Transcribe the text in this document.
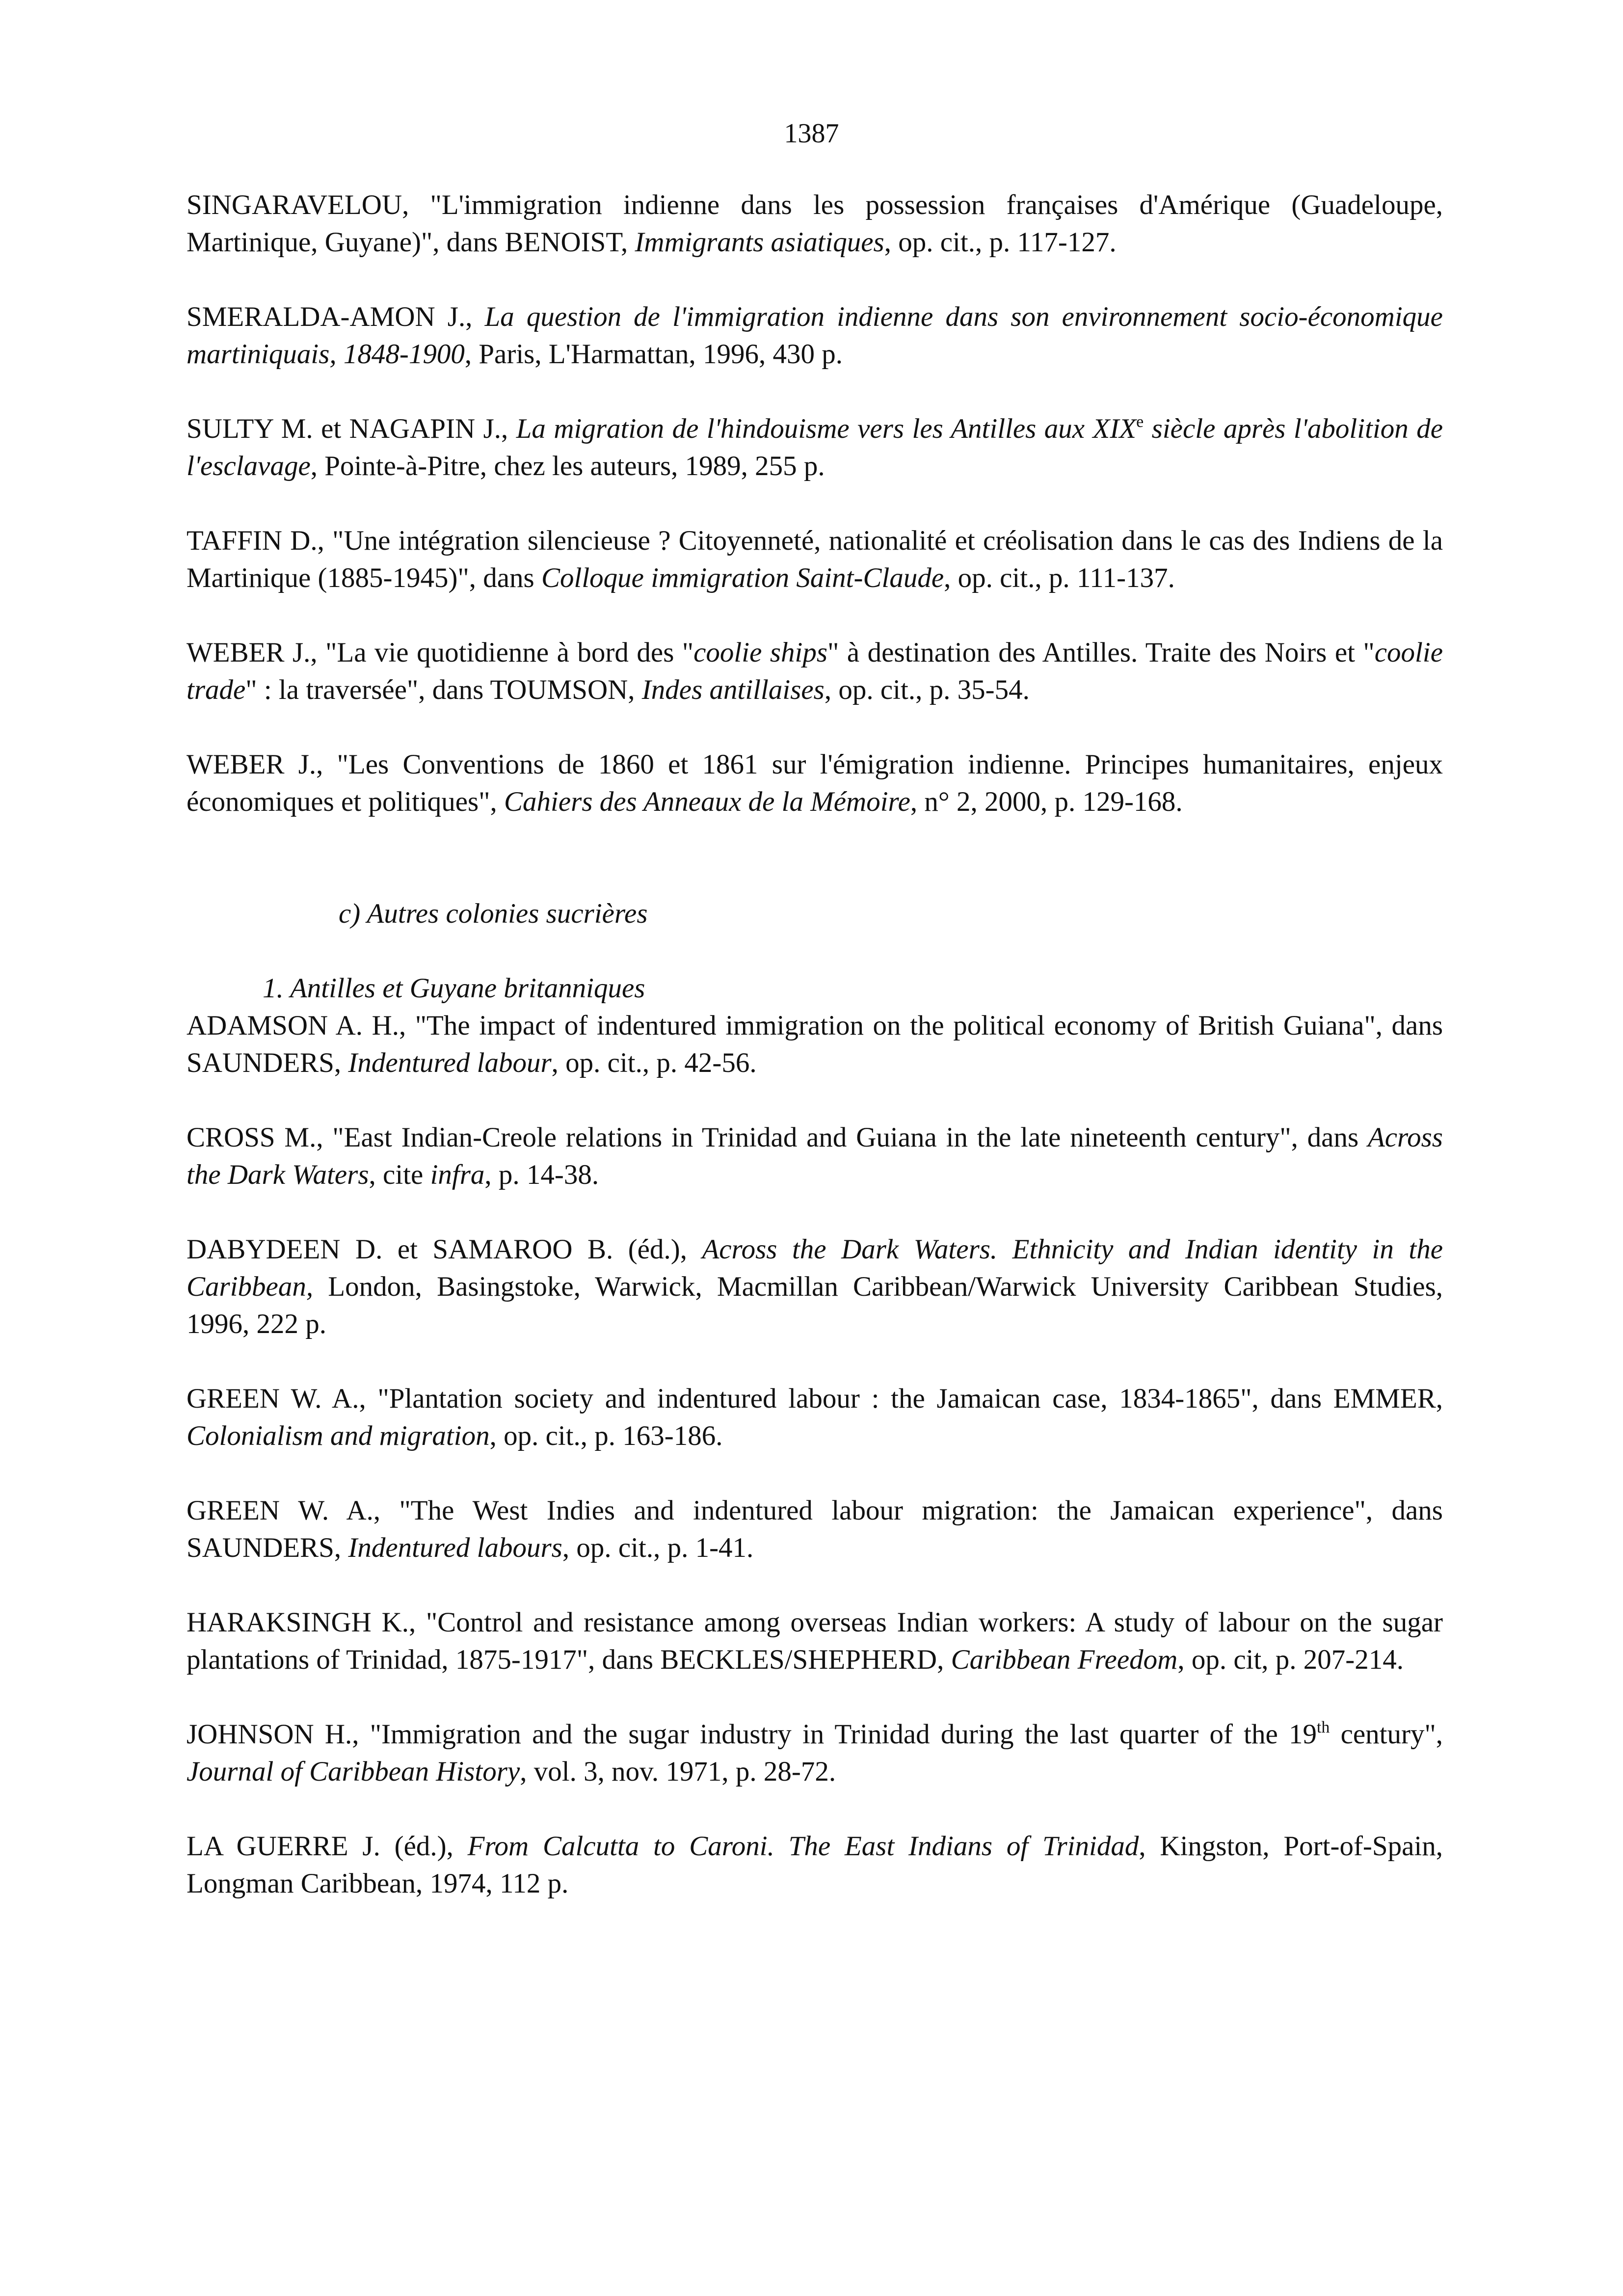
1387

SINGARAVELOU, "L'immigration indienne dans les possession françaises d'Amérique (Guadeloupe, Martinique, Guyane)", dans BENOIST, Immigrants asiatiques, op. cit., p. 117-127.

SMERALDA-AMON J., La question de l'immigration indienne dans son environnement socio-économique martiniquais, 1848-1900, Paris, L'Harmattan, 1996, 430 p.

SULTY M. et NAGAPIN J., La migration de l'hindouisme vers les Antilles aux XIXe siècle après l'abolition de l'esclavage, Pointe-à-Pitre, chez les auteurs, 1989, 255 p.

TAFFIN D., "Une intégration silencieuse ? Citoyenneté, nationalité et créolisation dans le cas des Indiens de la Martinique (1885-1945)", dans Colloque immigration Saint-Claude, op. cit., p. 111-137.

WEBER J., "La vie quotidienne à bord des "coolie ships" à destination des Antilles. Traite des Noirs et "coolie trade" : la traversée", dans TOUMSON, Indes antillaises, op. cit., p. 35-54.

WEBER J., "Les Conventions de 1860 et 1861 sur l'émigration indienne. Principes humanitaires, enjeux économiques et politiques", Cahiers des Anneaux de la Mémoire, n° 2, 2000, p. 129-168.

c) Autres colonies sucrières
1. Antilles et Guyane britanniques

ADAMSON A. H., "The impact of indentured immigration on the political economy of British Guiana", dans SAUNDERS, Indentured labour, op. cit., p. 42-56.

CROSS M., "East Indian-Creole relations in Trinidad and Guiana in the late nineteenth century", dans Across the Dark Waters, cite infra, p. 14-38.

DABYDEEN D. et SAMAROO B. (éd.), Across the Dark Waters. Ethnicity and Indian identity in the Caribbean, London, Basingstoke, Warwick, Macmillan Caribbean/Warwick University Caribbean Studies, 1996, 222 p.

GREEN W. A., "Plantation society and indentured labour : the Jamaican case, 1834-1865", dans EMMER, Colonialism and migration, op. cit., p. 163-186.

GREEN W. A., "The West Indies and indentured labour migration: the Jamaican experience", dans SAUNDERS, Indentured labours, op. cit., p. 1-41.

HARAKSINGH K., "Control and resistance among overseas Indian workers: A study of labour on the sugar plantations of Trinidad, 1875-1917", dans BECKLES/SHEPHERD, Caribbean Freedom, op. cit, p. 207-214.

JOHNSON H., "Immigration and the sugar industry in Trinidad during the last quarter of the 19th century", Journal of Caribbean History, vol. 3, nov. 1971, p. 28-72.

LA GUERRE J. (éd.), From Calcutta to Caroni. The East Indians of Trinidad, Kingston, Port-of-Spain, Longman Caribbean, 1974, 112 p.
